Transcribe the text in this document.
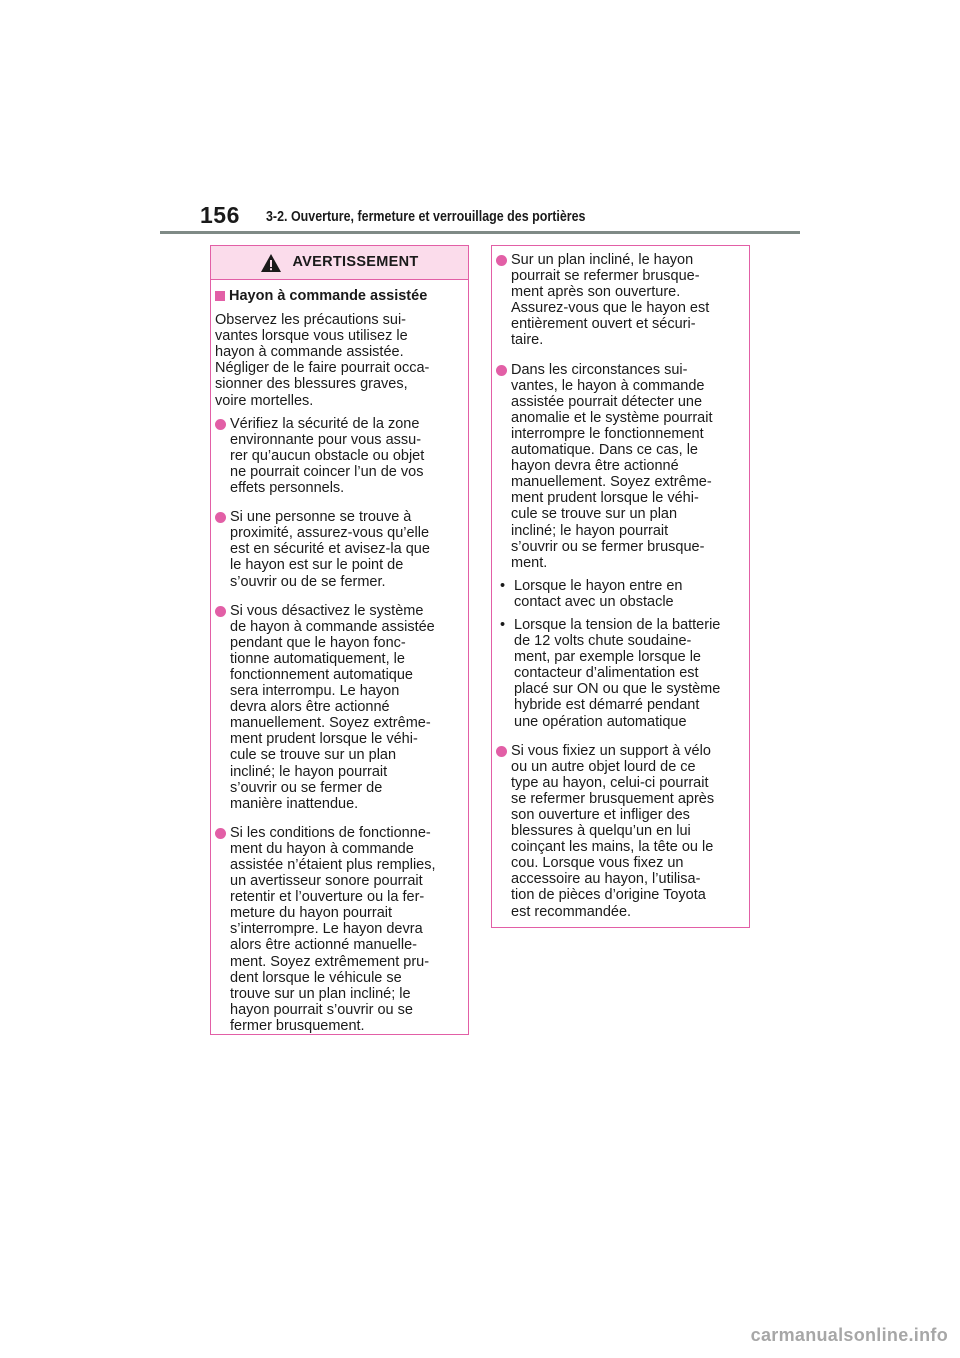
156 3-2. Ouverture, fermeture et verrouillage des portières
AVERTISSEMENT
Hayon à commande assistée
Observez les précautions sui-
vantes lorsque vous utilisez le
hayon à commande assistée.
Négliger de le faire pourrait occa-
sionner des blessures graves,
voire mortelles.
Vérifiez la sécurité de la zone
environnante pour vous assu-
rer qu’aucun obstacle ou objet
ne pourrait coincer l’un de vos
effets personnels.
Si une personne se trouve à
proximité, assurez-vous qu’elle
est en sécurité et avisez-la que
le hayon est sur le point de
s’ouvrir ou de se fermer.
Si vous désactivez le système
de hayon à commande assistée
pendant que le hayon fonc-
tionne automatiquement, le
fonctionnement automatique
sera interrompu. Le hayon
devra alors être actionné
manuellement. Soyez extrême-
ment prudent lorsque le véhi-
cule se trouve sur un plan
incliné; le hayon pourrait
s’ouvrir ou se fermer de
manière inattendue.
Si les conditions de fonctionne-
ment du hayon à commande
assistée n’étaient plus remplies,
un avertisseur sonore pourrait
retentir et l’ouverture ou la fer-
meture du hayon pourrait
s’interrompre. Le hayon devra
alors être actionné manuelle-
ment. Soyez extrêmement pru-
dent lorsque le véhicule se
trouve sur un plan incliné; le
hayon pourrait s’ouvrir ou se
fermer brusquement.
Sur un plan incliné, le hayon
pourrait se refermer brusque-
ment après son ouverture.
Assurez-vous que le hayon est
entièrement ouvert et sécuri-
taire.
Dans les circonstances sui-
vantes, le hayon à commande
assistée pourrait détecter une
anomalie et le système pourrait
interrompre le fonctionnement
automatique. Dans ce cas, le
hayon devra être actionné
manuellement. Soyez extrême-
ment prudent lorsque le véhi-
cule se trouve sur un plan
incliné; le hayon pourrait
s’ouvrir ou se fermer brusque-
ment.
• Lorsque le hayon entre en
contact avec un obstacle
• Lorsque la tension de la batterie
de 12 volts chute soudaine-
ment, par exemple lorsque le
contacteur d’alimentation est
placé sur ON ou que le système
hybride est démarré pendant
une opération automatique
Si vous fixiez un support à vélo
ou un autre objet lourd de ce
type au hayon, celui-ci pourrait
se refermer brusquement après
son ouverture et infliger des
blessures à quelqu’un en lui
coinçant les mains, la tête ou le
cou. Lorsque vous fixez un
accessoire au hayon, l’utilisa-
tion de pièces d’origine Toyota
est recommandée.
carmanualsonline.info
